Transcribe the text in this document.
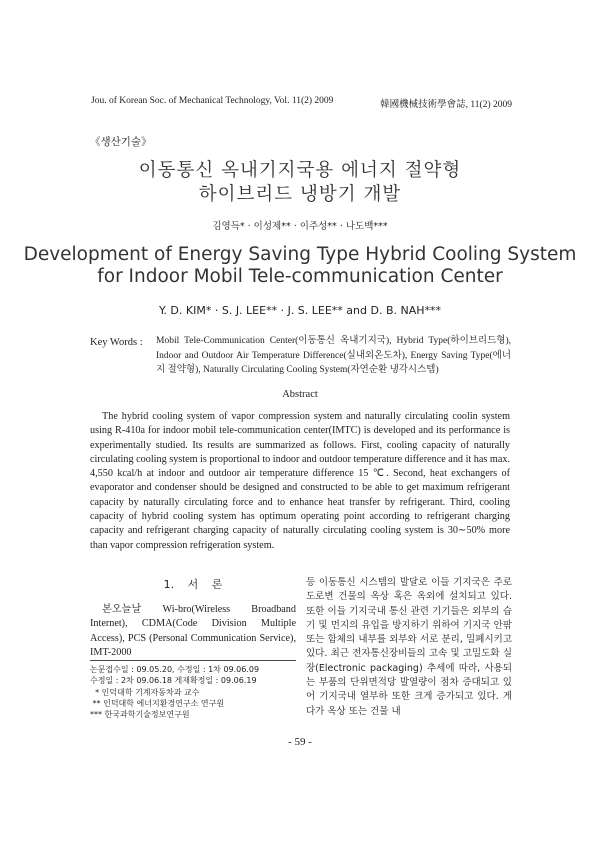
Jou. of Korean Soc. of Mechanical Technology, Vol. 11(2) 2009	韓國機械技術學會誌, 11(2) 2009
《생산기술》
이동통신 옥내기지국용 에너지 절약형
하이브리드 냉방기 개발
김영득* · 이성제** · 이주성** · 나도백***
Development of Energy Saving Type Hybrid Cooling System
for Indoor Mobil Tele-communication Center
Y. D. KIM* · S. J. LEE** · J. S. LEE** and D. B. NAH***
Key Words : Mobil Tele-Communication Center(이동통신 옥내기지국), Hybrid Type(하이브리드형), Indoor and Outdoor Air Temperature Difference(실내외온도차), Energy Saving Type(에너지 절약형), Naturally Circulating Cooling System(자연순환 냉각시스템)
Abstract
The hybrid cooling system of vapor compression system and naturally circulating coolin system using R-410a for indoor mobil tele-communication center(IMTC) is developed and its performance is experimentally studied. Its results are summarized as follows. First, cooling capacity of naturally circulating cooling system is proportional to indoor and outdoor temperature difference and it has max. 4,550 kcal/h at indoor and outdoor air temperature difference 15 ℃. Second, heat exchangers of evaporator and condenser should be designed and constructed to be able to get maximum refrigerant capacity by naturally circulating force and to enhance heat transfer by refrigerant. Third, cooling capacity of hybrid cooling system has optimum operating point according to refrigerant charging capacity and refrigerant charging capacity of naturally circulating cooling system is 30∼50% more than vapor compression refrigeration system.
1. 서 론
본오늘날 Wi-bro(Wireless Broadband Internet), CDMA(Code Division Multiple Access), PCS (Personal Communication Service), IMT-2000
논문접수일 : 09.05.20, 수정일 : 1차 09.06.09
수정일 : 2차 09.06.18 게재확정일 : 09.06.19
* 인덕대학 기계자동차과 교수
** 인덕대학 에너지환경연구소 연구원
*** 한국과학기술정보연구원
등 이동통신 시스템의 발달로 이들 기지국은 주로 도로변 건물의 옥상 혹은 옥외에 설치되고 있다. 또한 이들 기지국내 통신 관련 기기들은 외부의 습기 및 먼지의 유입을 방지하기 위하여 기지국 안팎 또는 함체의 내부를 외부와 서로 분리, 밀폐시키고 있다. 최근 전자통신장비들의 고속 및 고밀도화 실장(Electronic packaging) 추세에 따라, 사용되는 부품의 단위면적당 발열량이 점차 증대되고 있어 기지국내 열부하 또한 크게 증가되고 있다. 게다가 옥상 또는 건물 내
- 59 -
